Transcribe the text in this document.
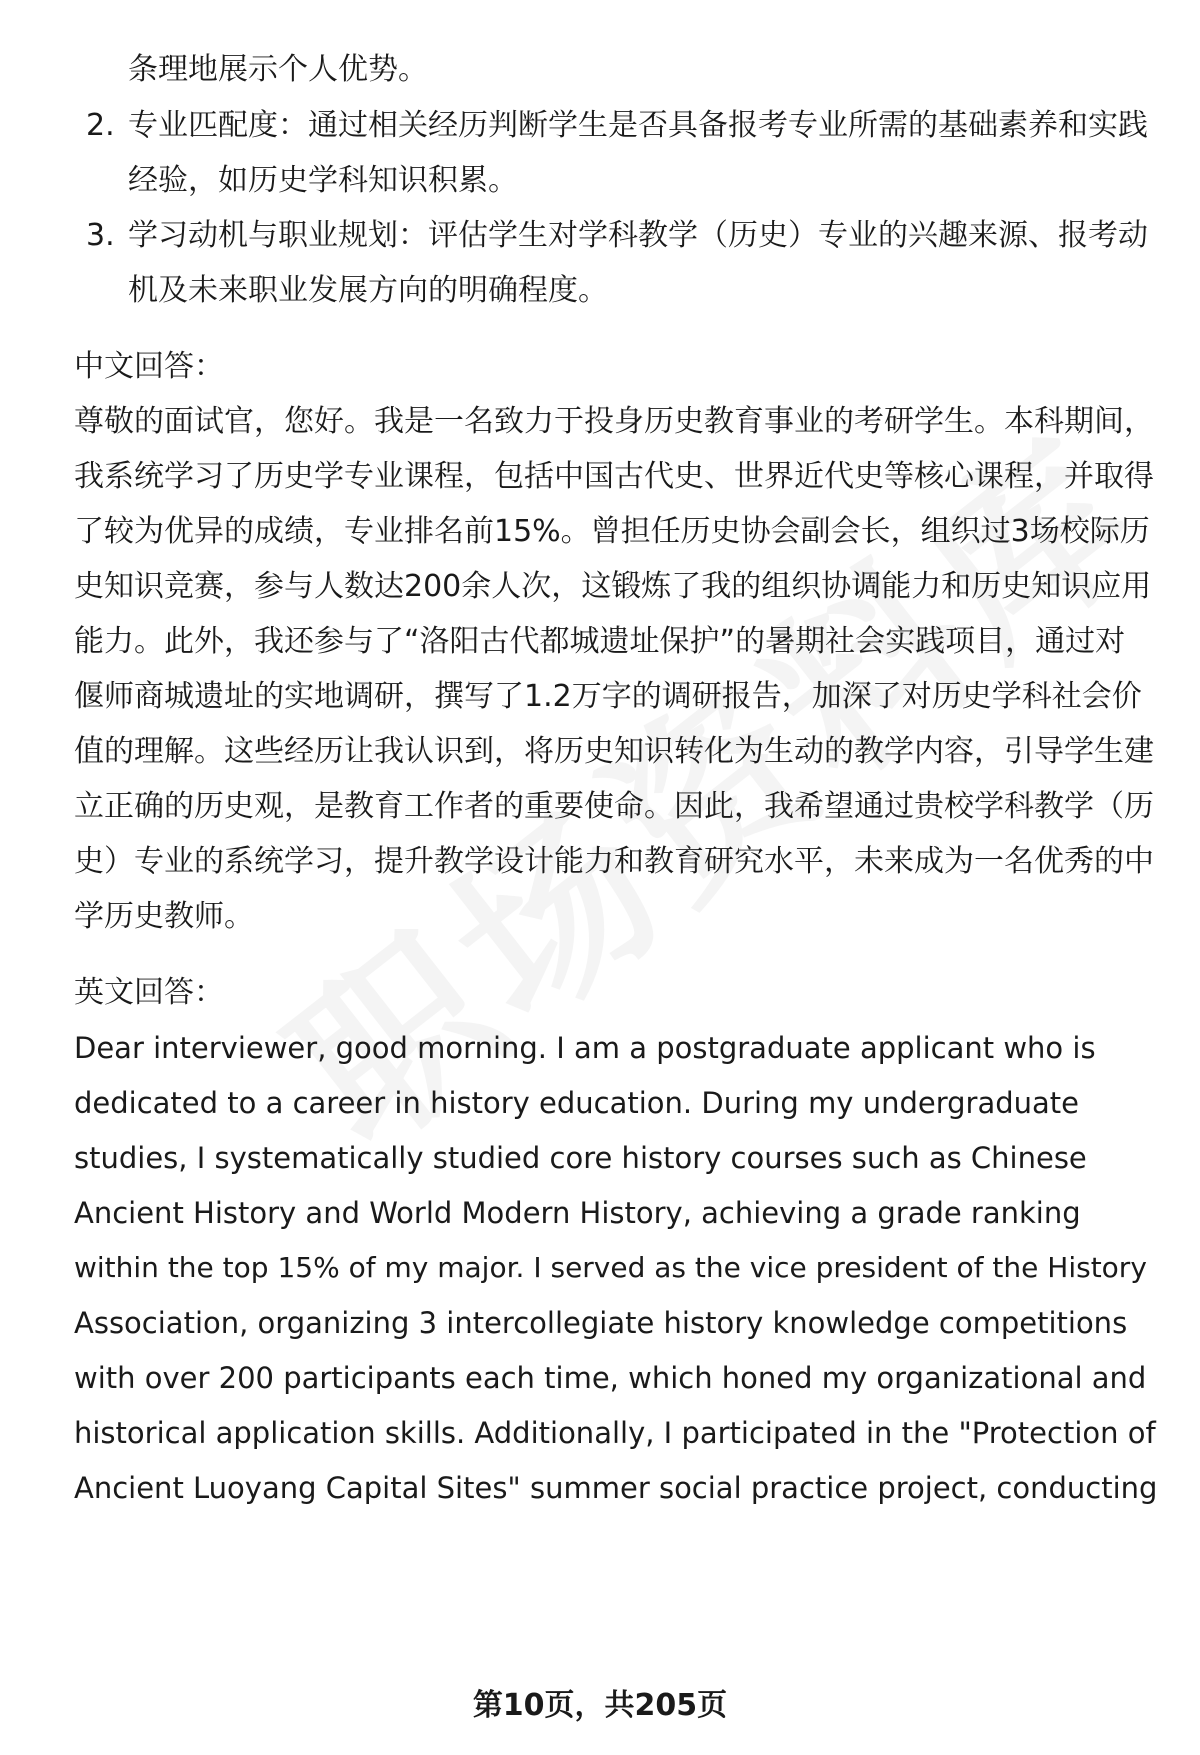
条理地展示个人优势。
2. 专业匹配度：通过相关经历判断学生是否具备报考专业所需的基础素养和实践
经验，如历史学科知识积累。
3. 学习动机与职业规划：评估学生对学科教学（历史）专业的兴趣来源、报考动
机及未来职业发展方向的明确程度。
中文回答：
尊敬的面试官，您好。我是一名致力于投身历史教育事业的考研学生。本科期间，
我系统学习了历史学专业课程，包括中国古代史、世界近代史等核心课程，并取得
了较为优异的成绩，专业排名前15%。曾担任历史协会副会长，组织过3场校际历
史知识竞赛，参与人数达200余人次，这锻炼了我的组织协调能力和历史知识应用
能力。此外，我还参与了“洛阳古代都城遗址保护”的暑期社会实践项目，通过对
偃师商城遗址的实地调研，撰写了1.2万字的调研报告，加深了对历史学科社会价
值的理解。这些经历让我认识到，将历史知识转化为生动的教学内容，引导学生建
立正确的历史观，是教育工作者的重要使命。因此，我希望通过贵校学科教学（历
史）专业的系统学习，提升教学设计能力和教育研究水平，未来成为一名优秀的中
学历史教师。
英文回答：
Dear interviewer, good morning. I am a postgraduate applicant who is
dedicated to a career in history education. During my undergraduate
studies, I systematically studied core history courses such as Chinese
Ancient History and World Modern History, achieving a grade ranking
within the top 15% of my major. I served as the vice president of the History
Association, organizing 3 intercollegiate history knowledge competitions
with over 200 participants each time, which honed my organizational and
historical application skills. Additionally, I participated in the "Protection of
Ancient Luoyang Capital Sites" summer social practice project, conducting
第10页，共205页
